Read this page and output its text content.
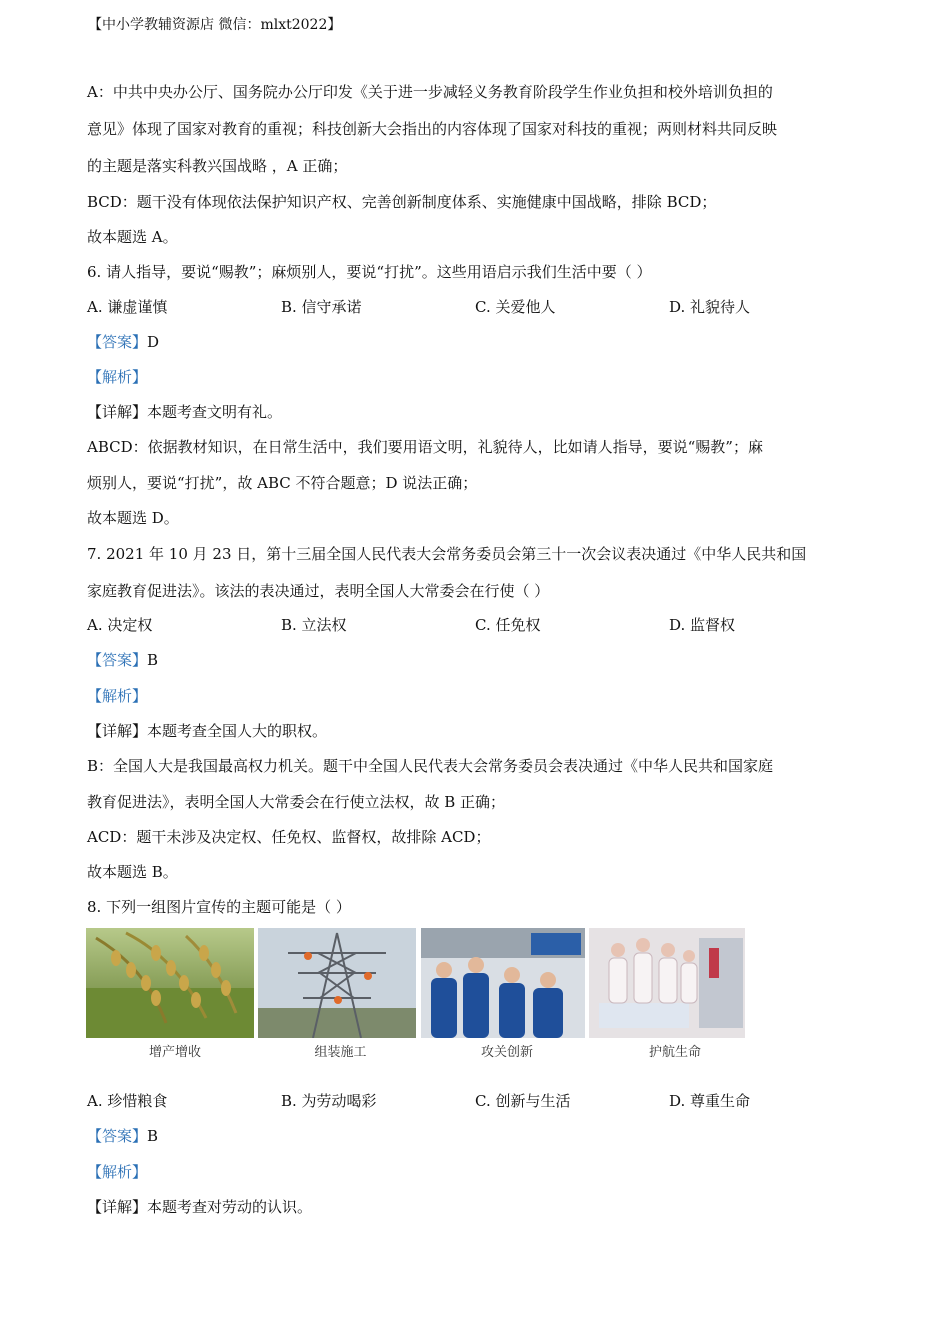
【中小学教辅资源店 微信：mlxt2022】
A：中共中央办公厅、国务院办公厅印发《关于进一步减轻义务教育阶段学生作业负担和校外培训负担的
意见》体现了国家对教育的重视；科技创新大会指出的内容体现了国家对科技的重视；两则材料共同反映
的主题是落实科教兴国战略 ，A 正确；
BCD：题干没有体现依法保护知识产权、完善创新制度体系、实施健康中国战略，排除 BCD；
故本题选 A。
6. 请人指导，要说“赐教”；麻烦别人，要说“打扰”。这些用语启示我们生活中要（ ）
A. 谦虚谨慎	B. 信守承诺	C. 关爱他人	D. 礼貌待人
【答案】D
【解析】
【详解】本题考查文明有礼。
ABCD：依据教材知识，在日常生活中，我们要用语文明，礼貌待人，比如请人指导，要说“赐教”；麻
烦别人，要说“打扰”，故 ABC 不符合题意；D 说法正确；
故本题选 D。
7. 2021 年 10 月 23 日，第十三届全国人民代表大会常务委员会第三十一次会议表决通过《中华人民共和国
家庭教育促进法》。该法的表决通过，表明全国人大常委会在行使（ ）
A. 决定权	B. 立法权	C. 任免权	D. 监督权
【答案】B
【解析】
【详解】本题考查全国人大的职权。
B：全国人大是我国最高权力机关。题干中全国人民代表大会常务委员会表决通过《中华人民共和国家庭
教育促进法》，表明全国人大常委会在行使立法权，故 B 正确；
ACD：题干未涉及决定权、任免权、监督权，故排除 ACD；
故本题选 B。
8. 下列一组图片宣传的主题可能是（ ）
增产增收	组装施工	攻关创新	护航生命
A. 珍惜粮食	B. 为劳动喝彩	C. 创新与生活	D. 尊重生命
【答案】B
【解析】
【详解】本题考查对劳动的认识。
